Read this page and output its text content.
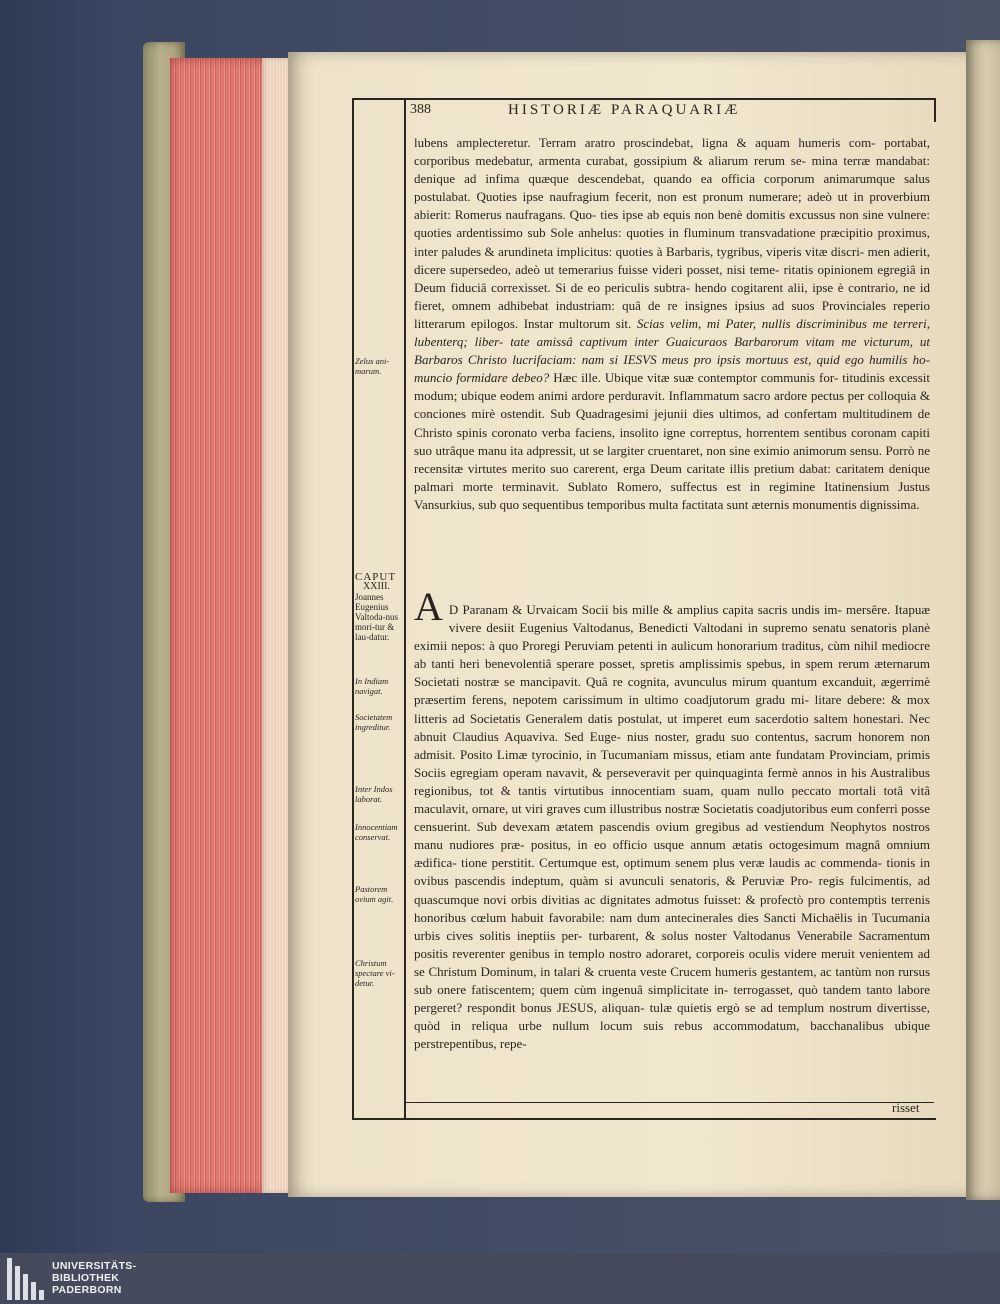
388	HISTORIÆ PARAQUARIÆ

lubens amplecteretur. Terram aratro proscindebat, ligna & aquam humeris com- portabat, corporibus medebatur, armenta curabat, gossipium & aliarum rerum se- mina terræ mandabat: denique ad infima quæque descendebat, quando ea officia corporum animarumque salus postulabat. Quoties ipse naufragium fecerit, non est pronum numerare; adeò ut in proverbium abierit: Romerus naufragans. Quo- ties ipse ab equis non benè domitis excussus non sine vulnere: quoties ardentissimo sub Sole anhelus: quoties in fluminum transvadatione præcipitio proximus, inter paludes & arundineta implicitus: quoties à Barbaris, tygribus, viperis vitæ discri- men adierit, dicere supersedeo, adeò ut temerarius fuisse videri posset, nisi teme- ritatis opinionem egregiâ in Deum fiduciâ correxisset. Si de eo periculis subtra- hendo cogitarent alii, ipse è contrario, ne id fieret, omnem adhibebat industriam: quâ de re insignes ipsius ad suos Provinciales reperio litterarum epilogos. Instar multorum sit. Scias velim, mi Pater, nullis discriminibus me terreri, lubenterq; liber- tate amissâ captivum inter Guaicuraos Barbarorum vitam me victurum, ut Barbaros Christo lucrifaciam: nam si IESVS meus pro ipsis mortuus est, quid ego humilis ho- muncio formidare debeo? Hæc ille. Ubique vitæ suæ contemptor communis for- titudinis excessit modum; ubique eodem animi ardore perduravit. Inflammatum sacro ardore pectus per colloquia & conciones mirè ostendit. Sub Quadragesimi jejunii dies ultimos, ad confertam multitudinem de Christo spinis coronato verba faciens, insolito igne correptus, horrentem sentibus coronam capiti suo utrâque manu ita adpressit, ut se largiter cruentaret, non sine eximio animorum sensu. Porrò ne recensitæ virtutes merito suo carerent, erga Deum caritate illis pretium dabat: caritatem denique palmari morte terminavit. Sublato Romero, suffectus est in regimine Itatinensium Justus Vansurkius, sub quo sequentibus temporibus multa factitata sunt æternis monumentis dignissima.

A D Paranam & Urvaicam Socii bis mille & amplius capita sacris undis im- mersêre. Itapuæ vivere desiit Eugenius Valtodanus, Benedicti Valtodani in supremo senatu senatoris planè eximii nepos: à quo Proregi Peruviam petenti in aulicum honorarium traditus, cùm nihil mediocre ab tanti heri benevolentiâ sperare posset, spretis amplissimis spebus, in spem rerum æternarum Societati nostræ se mancipavit. Quâ re cognita, avunculus mirum quantum excanduit, ægerrimè præsertim ferens, nepotem carissimum in ultimo coadjutorum gradu mi- litare debere: & mox litteris ad Societatis Generalem datis postulat, ut imperet eum sacerdotio saltem honestari. Nec abnuit Claudius Aquaviva. Sed Euge- nius noster, gradu suo contentus, sacrum honorem non admisit. Posito Limæ tyrocinio, in Tucumaniam missus, etiam ante fundatam Provinciam, primis Sociis egregiam operam navavit, & perseveravit per quinquaginta fermè annos in his Australibus regionibus, tot & tantis virtutibus innocentiam suam, quam nullo peccato mortali totâ vitâ maculavit, ornare, ut viri graves cum illustribus nostræ Societatis coadjutoribus eum conferri posse censuerint. Sub devexam ætatem pascendis ovium gregibus ad vestiendum Neophytos nostros manu nudiores præ- positus, in eo officio usque annum ætatis octogesimum magnâ omnium ædifica- tione perstitit. Certumque est, optimum senem plus veræ laudis ac commenda- tionis in ovibus pascendis indeptum, quàm si avunculi senatoris, & Peruviæ Pro- regis fulcimentis, ad quascumque novi orbis divitias ac dignitates admotus fuisset: & profectò pro contemptis terrenis honoribus cœlum habuit favorabile: nam dum antecinerales dies Sancti Michaëlis in Tucumania urbis cives solitis ineptiis per- turbarent, & solus noster Valtodanus Venerabile Sacramentum positis reverenter genibus in templo nostro adoraret, corporeis oculis videre meruit venientem ad se Christum Dominum, in talari & cruenta veste Crucem humeris gestantem, ac tantùm non rursus sub onere fatiscentem; quem cùm ingenuâ simplicitate in- terrogasset, quò tandem tanto labore pergeret? respondit bonus JESUS, aliquan- tulæ quietis ergò se ad templum nostrum divertisse, quòd in reliqua urbe nullum locum suis rebus accommodatum, bacchanalibus ubique perstrepentibus, repe-

Zelus ani-marum.
CAPUT
XXIII.
Joannes Eugenius Valtoda-nus mori-tur & lau-datur.
In Indiam navigat.
Societatem ingreditur.
Inter Indos laborat.
Innocentiam conservat.
Pastorem ovium agit.
Christum spectare vi-detur.
risset
UNIVERSITÄTS-
BIBLIOTHEK
PADERBORN
